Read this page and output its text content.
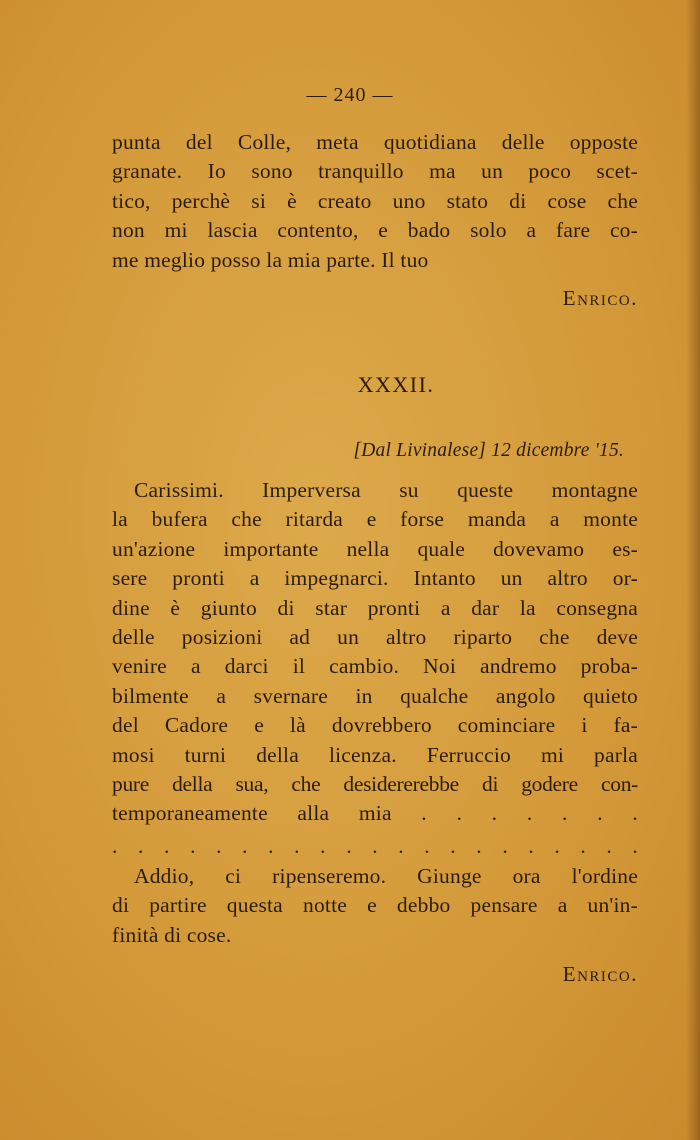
— 240 —
punta del Colle, meta quotidiana delle opposte
granate. Io sono tranquillo ma un poco scet-
tico, perchè si è creato uno stato di cose che
non mi lascia contento, e bado solo a fare co-
me meglio posso la mia parte. Il tuo
Enrico.
XXXII.
[Dal Livinalese] 12 dicembre '15.
Carissimi. Imperversa su queste montagne
la bufera che ritarda e forse manda a monte
un'azione importante nella quale dovevamo es-
sere pronti a impegnarci. Intanto un altro or-
dine è giunto di star pronti a dar la consegna
delle posizioni ad un altro riparto che deve
venire a darci il cambio. Noi andremo proba-
bilmente a svernare in qualche angolo quieto
del Cadore e là dovrebbero cominciare i fa-
mosi turni della licenza. Ferruccio mi parla
pure della sua, che desidererebbe di godere con-
temporaneamente alla mia . . . . . . .
. . . . . . . . . . . . . . . . . . . . .
Addio, ci ripenseremo. Giunge ora l'ordine
di partire questa notte e debbo pensare a un'in-
finità di cose.
Enrico.
